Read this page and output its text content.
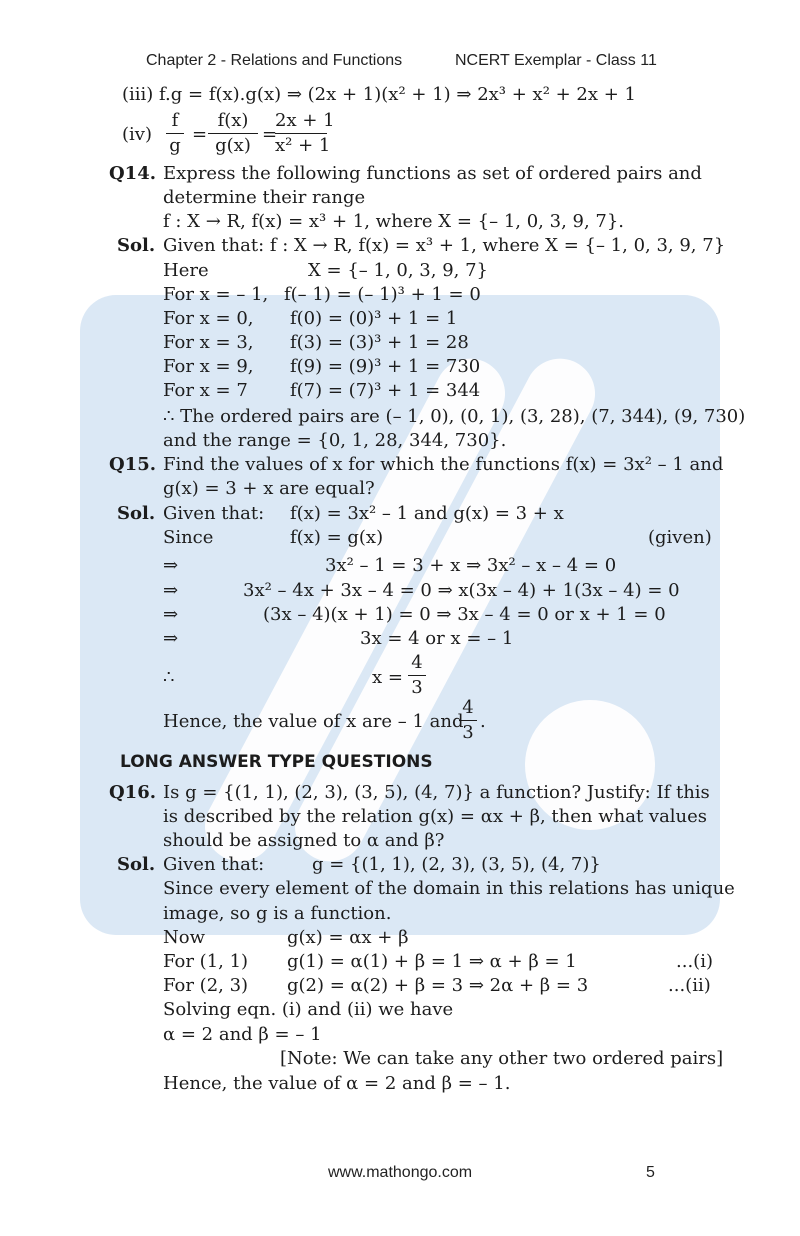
Chapter 2 - Relations and Functions	NCERT Exemplar - Class 11
(iii) f.g = f(x).g(x) ⇒ (2x + 1)(x² + 1) ⇒ 2x³ + x² + 2x + 1
(iv)
f
g
=
f(x)
g(x)
=
2x + 1
x² + 1
Q14. Express the following functions as set of ordered pairs and
determine their range
f : X → R, f(x) = x³ + 1, where X = {– 1, 0, 3, 9, 7}.
Sol. Given that: f : X → R, f(x) = x³ + 1, where X = {– 1, 0, 3, 9, 7}
Here	X = {– 1, 0, 3, 9, 7}
For x = – 1, f(– 1) = (– 1)³ + 1 = 0
For x = 0, f(0) = (0)³ + 1 = 1
For x = 3, f(3) = (3)³ + 1 = 28
For x = 9, f(9) = (9)³ + 1 = 730
For x = 7 f(7) = (7)³ + 1 = 344
∴ The ordered pairs are (– 1, 0), (0, 1), (3, 28), (7, 344), (9, 730)
and the range = {0, 1, 28, 344, 730}.
Q15. Find the values of x for which the functions f(x) = 3x² – 1 and
g(x) = 3 + x are equal?
Sol. Given that: f(x) = 3x² – 1 and g(x) = 3 + x
Since	f(x) = g(x)	(given)
⇒	3x² – 1 = 3 + x ⇒ 3x² – x – 4 = 0
⇒	3x² – 4x + 3x – 4 = 0 ⇒ x(3x – 4) + 1(3x – 4) = 0
⇒	(3x – 4)(x + 1) = 0 ⇒ 3x – 4 = 0 or x + 1 = 0
⇒	3x = 4 or x = – 1
∴	x =
4
3
Hence, the value of x are – 1 and
4
3
.
LONG ANSWER TYPE QUESTIONS
Q16. Is g = {(1, 1), (2, 3), (3, 5), (4, 7)} a function? Justify: If this
is described by the relation g(x) = αx + β, then what values
should be assigned to α and β?
Sol. Given that:	g = {(1, 1), (2, 3), (3, 5), (4, 7)}
Since every element of the domain in this relations has unique
image, so g is a function.
Now	g(x) = αx + β
For (1, 1) g(1) = α(1) + β = 1 ⇒ α + β = 1	...(i)
For (2, 3) g(2) = α(2) + β = 3 ⇒ 2α + β = 3	...(ii)
Solving eqn. (i) and (ii) we have
α = 2 and β = – 1
[Note: We can take any other two ordered pairs]
Hence, the value of α = 2 and β = – 1.
www.mathongo.com	5
